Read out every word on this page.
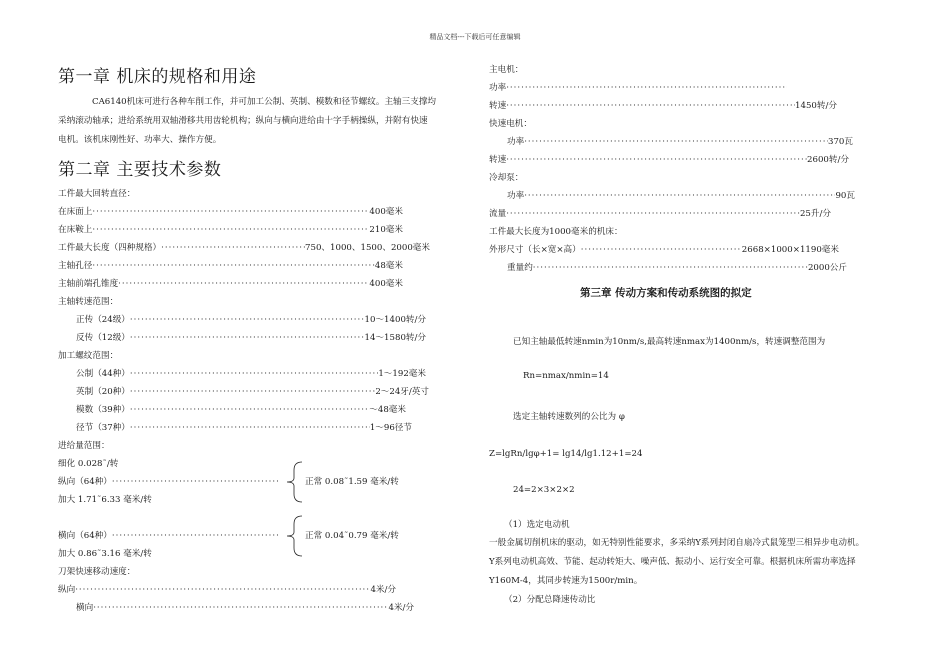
精品文档---下载后可任意编辑
第一章 机床的规格和用途
CA6140机床可进行各种车削工作，并可加工公制、英制、模数和径节螺纹。主轴三支撑均
采纳滚动轴承；进给系统用双轴滑移共用齿轮机构；纵向与横向进给由十字手柄操纵，并附有快速
电机。该机床刚性好、功率大、操作方便。
第二章 主要技术参数
工件最大回转直径：
在床面上 ·····	400毫米
在床鞍上 ·····	210毫米
工件最大长度（四种规格） ·····	750、1000、1500、2000毫米
主轴孔径 ·····	48毫米
主轴前端孔锥度 ·····	400毫米
主轴转速范围：
正传（24级） ·····	10～1400转/分
反传（12级） ·····	14～1580转/分
加工螺纹范围：
公制（44种） ·····	1～192毫米
英制（20种） ·····	2～24牙/英寸
模数（39种） ·····	～48毫米
径节（37种） ·····	1～96径节
进给量范围：
细化 0.028˜/转
纵向（64种）
·····
加大 1.71˜6.33 毫米/转
正常 0.08˜1.59 毫米/转
横向（64种）
·····
加大 0.86˜3.16 毫米/转
正常 0.04˜0.79 毫米/转
刀架快速移动速度：
纵向 ·····	4米/分
横向 ·····	4米/分
主电机：
功率
·····
转速 ·····	1450转/分
快速电机：
功率 ·····	370瓦
转速 ·····	2600转/分
冷却泵：
功率 ·····	90瓦
流量 ·····	25升/分
工件最大长度为1000毫米的机床：
外形尺寸（长×宽×高） ·····	2668×1000×1190毫米
重量约 ·····	2000公斤
第三章 传动方案和传动系统图的拟定
已知主轴最低转速nmin为10nm/s,最高转速nmax为1400nm/s，转速调整范围为
Rn=nmax/nmin=14
选定主轴转速数列的公比为 φ
Z=lgRn/lgφ+1= lg14/lg1.12+1=24
24=2×3×2×2
（1）选定电动机
一般金属切削机床的驱动，如无特别性能要求，多采纳Y系列封闭自扇冷式鼠笼型三相异步电动机。
Y系列电动机高效、节能、起动转矩大、噪声低、振动小、运行安全可靠。根据机床所需功率选择
Y160M-4，其同步转速为1500r/min。
（2）分配总降速传动比
